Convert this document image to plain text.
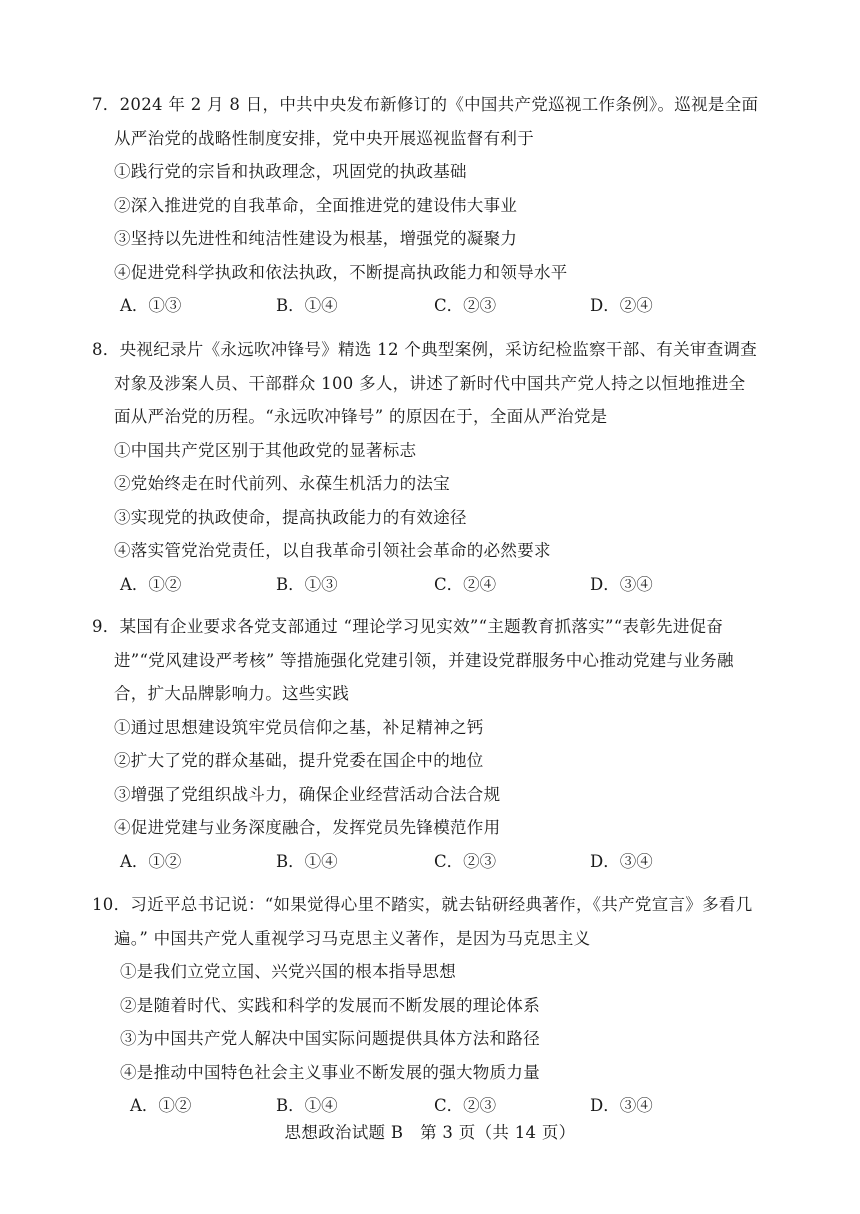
7．2024 年 2 月 8 日，中共中央发布新修订的《中国共产党巡视工作条例》。巡视是全面
从严治党的战略性制度安排，党中央开展巡视监督有利于
①践行党的宗旨和执政理念，巩固党的执政基础
②深入推进党的自我革命，全面推进党的建设伟大事业
③坚持以先进性和纯洁性建设为根基，增强党的凝聚力
④促进党科学执政和依法执政，不断提高执政能力和领导水平
A．①③	B．①④	C．②③	D．②④
8．央视纪录片《永远吹冲锋号》精选 12 个典型案例，采访纪检监察干部、有关审查调查
对象及涉案人员、干部群众 100 多人，讲述了新时代中国共产党人持之以恒地推进全
面从严治党的历程。“永远吹冲锋号” 的原因在于，全面从严治党是
①中国共产党区别于其他政党的显著标志
②党始终走在时代前列、永葆生机活力的法宝
③实现党的执政使命，提高执政能力的有效途径
④落实管党治党责任，以自我革命引领社会革命的必然要求
A．①②	B．①③	C．②④	D．③④
9．某国有企业要求各党支部通过 “理论学习见实效”“主题教育抓落实”“表彰先进促奋
进”“党风建设严考核” 等措施强化党建引领，并建设党群服务中心推动党建与业务融
合，扩大品牌影响力。这些实践
①通过思想建设筑牢党员信仰之基，补足精神之钙
②扩大了党的群众基础，提升党委在国企中的地位
③增强了党组织战斗力，确保企业经营活动合法合规
④促进党建与业务深度融合，发挥党员先锋模范作用
A．①②	B．①④	C．②③	D．③④
10．习近平总书记说：“如果觉得心里不踏实，就去钻研经典著作，《共产党宣言》多看几
遍。” 中国共产党人重视学习马克思主义著作，是因为马克思主义
①是我们立党立国、兴党兴国的根本指导思想
②是随着时代、实践和科学的发展而不断发展的理论体系
③为中国共产党人解决中国实际问题提供具体方法和路径
④是推动中国特色社会主义事业不断发展的强大物质力量
A．①②	B．①④	C．②③	D．③④
思想政治试题 B　第 3 页（共 14 页）
